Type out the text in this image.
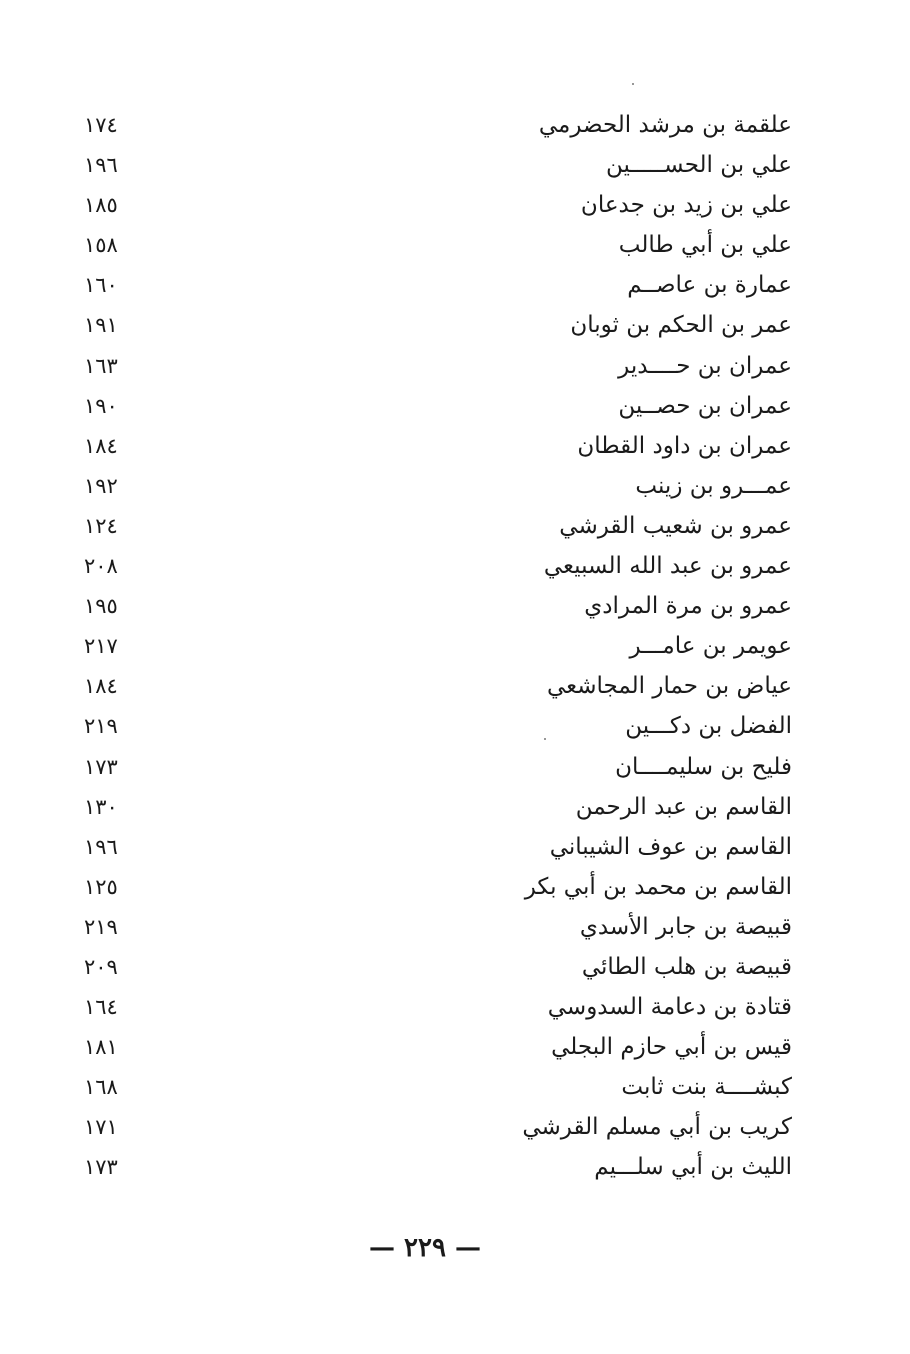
علقمة بن مرشد الحضرمي
١٧٤
علي بن الحســـــين
١٩٦
علي بن زيد بن جدعان
١٨٥
علي بن أبي طالب
١٥٨
عمارة بن عاصــم
١٦٠
عمر بن الحكم بن ثوبان
١٩١
عمران بن حــــدير
١٦٣
عمران بن حصــين
١٩٠
عمران بن داود القطان
١٨٤
عمـــرو بن زينب
١٩٢
عمرو بن شعيب القرشي
١٢٤
عمرو بن عبد الله السبيعي
٢٠٨
عمرو بن مرة المرادي
١٩٥
عويمر بن عامـــر
٢١٧
عياض بن حمار المجاشعي
١٨٤
الفضل بن دكـــين
٢١٩
فليح بن سليمــــان
١٧٣
القاسم بن عبد الرحمن
١٣٠
القاسم بن عوف الشيباني
١٩٦
القاسم بن محمد بن أبي بكر
١٢٥
قبيصة بن جابر الأسدي
٢١٩
قبيصة بن هلب الطائي
٢٠٩
قتادة بن دعامة السدوسي
١٦٤
قيس بن أبي حازم البجلي
١٨١
كبشــــة بنت ثابت
١٦٨
كريب بن أبي مسلم القرشي
١٧١
الليث بن أبي سلـــيم
١٧٣
— ٢٢٩ —
